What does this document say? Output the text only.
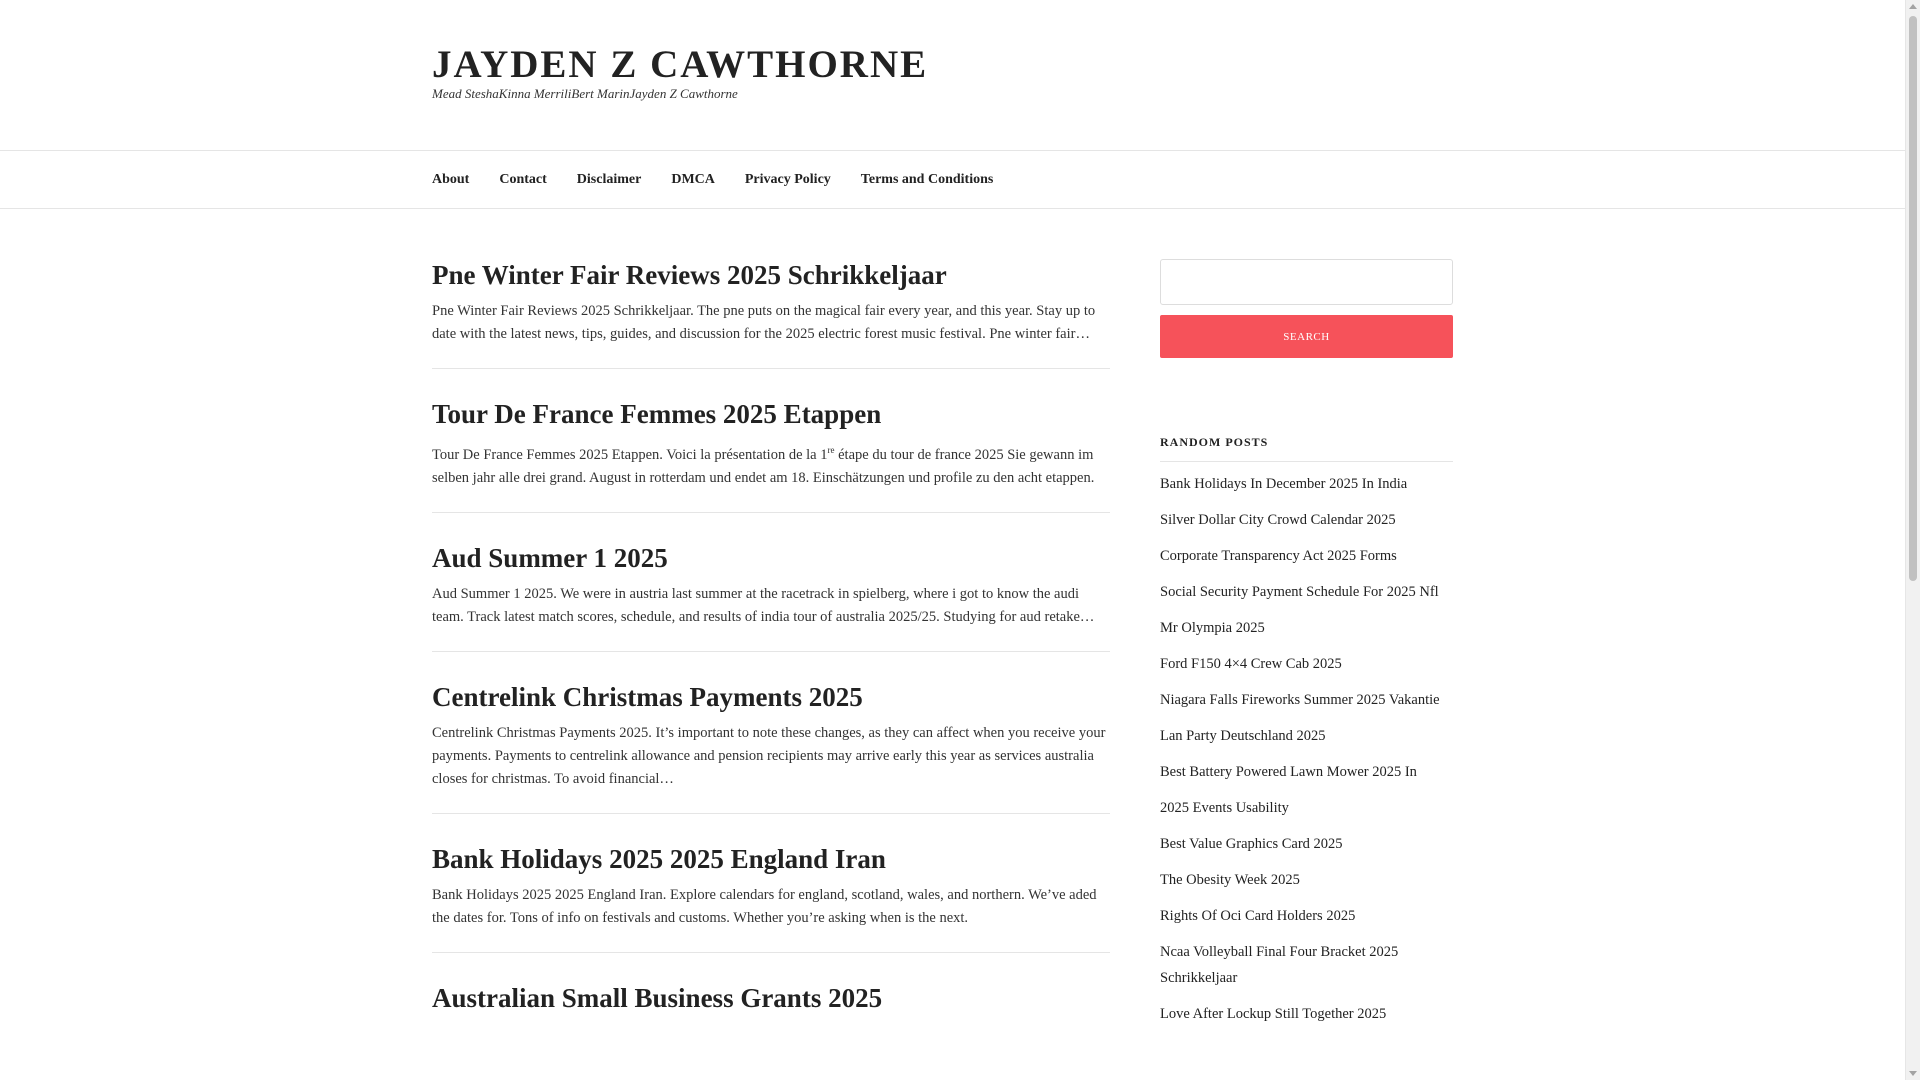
JAYDEN Z CAWTHORNE

Mead SteshaKinna MerriliBert MarinJayden Z Cawthorne

About Contact Disclaimer DMCA Privacy Policy Terms and Conditions
Pne Winter Fair Reviews 2025 Schrikkeljaar

Pne Winter Fair Reviews 2025 Schrikkeljaar. The pne puts on the magical fair every year, and this year. Stay up to date with the latest news, tips, guides, and discussion for the 2025 electric forest music festival. Pne winter fair…

Tour De France Femmes 2025 Etappen

Tour De France Femmes 2025 Etappen. Voici la présentation de la 1re étape du tour de france 2025 Sie gewann im selben jahr alle drei grand. August in rotterdam und endet am 18. Einschätzungen und profile zu den acht etappen.

Aud Summer 1 2025

Aud Summer 1 2025. We were in austria last summer at the racetrack in spielberg, where i got to know the audi team. Track latest match scores, schedule, and results of india tour of australia 2025/25. Studying for aud retake…

Centrelink Christmas Payments 2025

Centrelink Christmas Payments 2025. It’s important to note these changes, as they can affect when you receive your payments. Payments to centrelink allowance and pension recipients may arrive early this year as services australia closes for christmas. To avoid financial…

Bank Holidays 2025 2025 England Iran

Bank Holidays 2025 2025 England Iran. Explore calendars for england, scotland, wales, and northern. We’ve aded the dates for. Tons of info on festivals and customs. Whether you’re asking when is the next.

Australian Small Business Grants 2025
SEARCH
RANDOM POSTS
Bank Holidays In December 2025 In India
Silver Dollar City Crowd Calendar 2025
Corporate Transparency Act 2025 Forms
Social Security Payment Schedule For 2025 Nfl
Mr Olympia 2025
Ford F150 4×4 Crew Cab 2025
Niagara Falls Fireworks Summer 2025 Vakantie
Lan Party Deutschland 2025
Best Battery Powered Lawn Mower 2025 In
2025 Events Usability
Best Value Graphics Card 2025
The Obesity Week 2025
Rights Of Oci Card Holders 2025
Ncaa Volleyball Final Four Bracket 2025 Schrikkeljaar
Love After Lockup Still Together 2025
